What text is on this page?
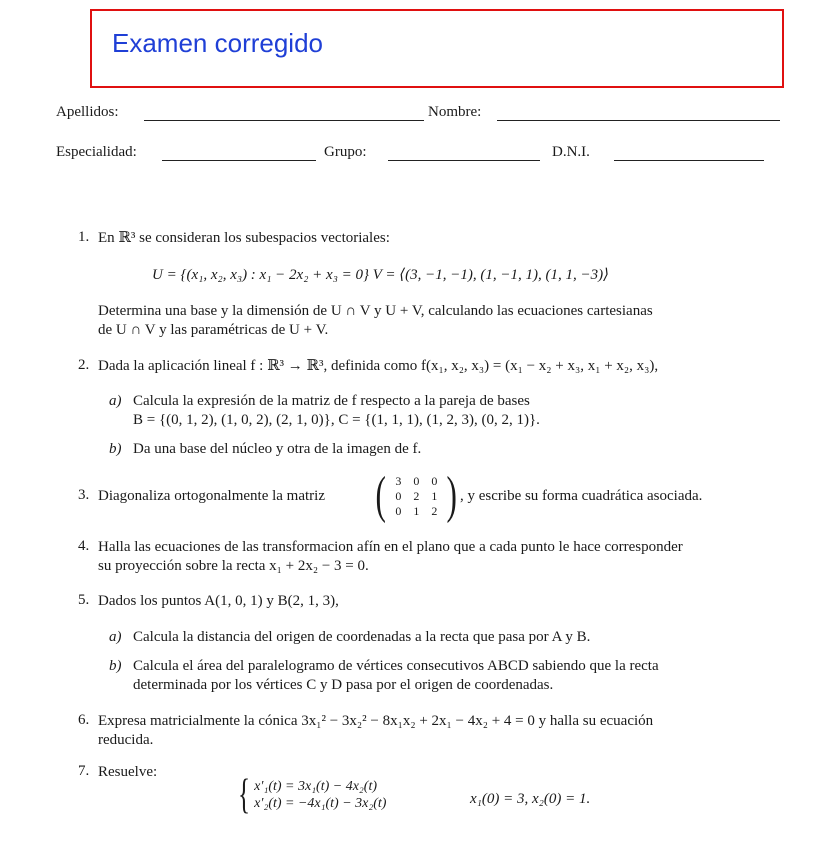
Examen corregido
Apellidos:	Nombre:
Especialidad:	Grupo:	D.N.I.
1. En ℝ³ se consideran los subespacios vectoriales:
U = {(x₁, x₂, x₃) : x₁ − 2x₂ + x₃ = 0} V = ⟨(3, −1, −1), (1, −1, 1), (1, 1, −3)⟩
Determina una base y la dimensión de U ∩ V y U + V, calculando las ecuaciones cartesianas
de U ∩ V y las paramétricas de U + V.
2. Dada la aplicación lineal f : ℝ³ → ℝ³, definida como f(x₁, x₂, x₃) = (x₁ − x₂ + x₃, x₁ + x₂, x₃),
a) Calcula la expresión de la matriz de f respecto a la pareja de bases
B = {(0, 1, 2), (1, 0, 2), (2, 1, 0)}, C = {(1, 1, 1), (1, 2, 3), (0, 2, 1)}.
b) Da una base del núcleo y otra de la imagen de f.
3. Diagonaliza ortogonalmente la matriz ( 3	0	0
0	2	1
0	1	2 ) , y escribe su forma cuadrática asociada.
4. Halla las ecuaciones de las transformacion afín en el plano que a cada punto le hace corresponder
su proyección sobre la recta x₁ + 2x₂ − 3 = 0.
5. Dados los puntos A(1, 0, 1) y B(2, 1, 3),
a) Calcula la distancia del origen de coordenadas a la recta que pasa por A y B.
b) Calcula el área del paralelogramo de vértices consecutivos ABCD sabiendo que la recta
determinada por los vértices C y D pasa por el origen de coordenadas.
6. Expresa matricialmente la cónica 3x₁² − 3x₂² − 8x₁x₂ + 2x₁ − 4x₂ + 4 = 0 y halla su ecuación
reducida.
7. Resuelve: { x′₁(t) = 3x₁(t) − 4x₂(t)
x′₂(t) = −4x₁(t) − 3x₂(t)	x₁(0) = 3, x₂(0) = 1.
